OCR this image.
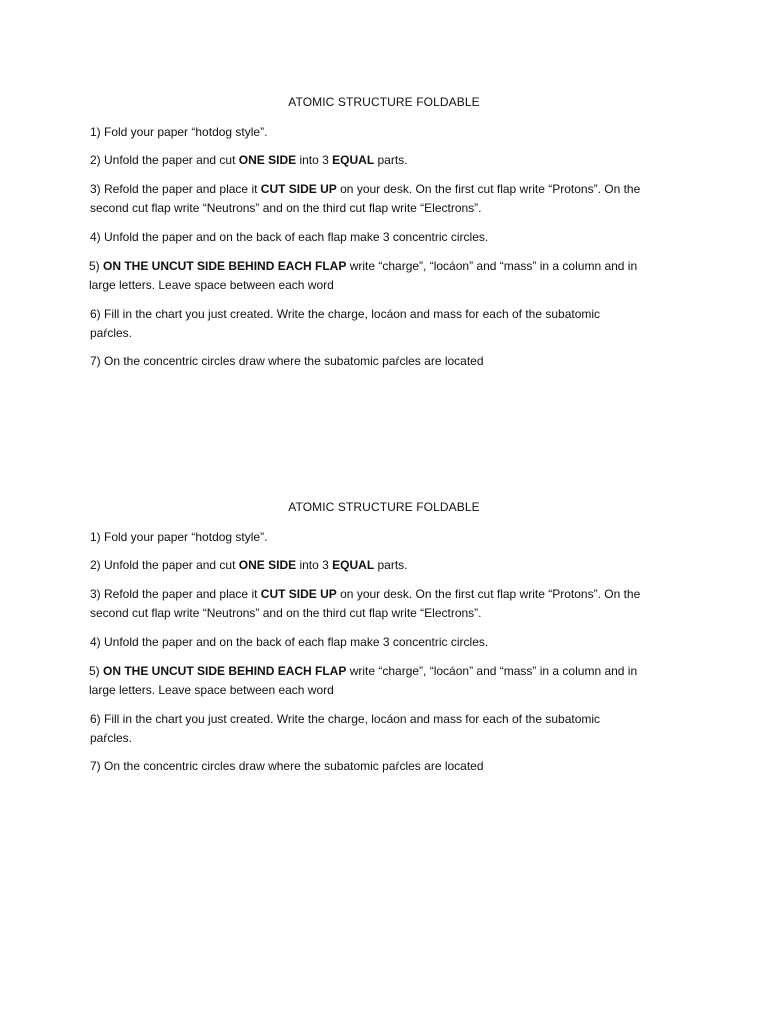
ATOMIC STRUCTURE FOLDABLE
1) Fold your paper “hotdog style”.
2) Unfold the paper and cut ONE SIDE into 3 EQUAL parts.
3) Refold the paper and place it CUT SIDE UP on your desk. On the first cut flap write “Protons”. On the
second cut flap write “Neutrons” and on the third cut flap write “Electrons”.
4) Unfold the paper and on the back of each flap make 3 concentric circles.
5) ON THE UNCUT SIDE BEHIND EACH FLAP write “charge”, “locáon” and “mass” in a column and in
large letters. Leave space between each word
6) Fill in the chart you just created. Write the charge, locáon and mass for each of the subatomic
paŕcles.
7) On the concentric circles draw where the subatomic paŕcles are located
ATOMIC STRUCTURE FOLDABLE
1) Fold your paper “hotdog style”.
2) Unfold the paper and cut ONE SIDE into 3 EQUAL parts.
3) Refold the paper and place it CUT SIDE UP on your desk. On the first cut flap write “Protons”. On the
second cut flap write “Neutrons” and on the third cut flap write “Electrons”.
4) Unfold the paper and on the back of each flap make 3 concentric circles.
5) ON THE UNCUT SIDE BEHIND EACH FLAP write “charge”, “locáon” and “mass” in a column and in
large letters. Leave space between each word
6) Fill in the chart you just created. Write the charge, locáon and mass for each of the subatomic
paŕcles.
7) On the concentric circles draw where the subatomic paŕcles are located
